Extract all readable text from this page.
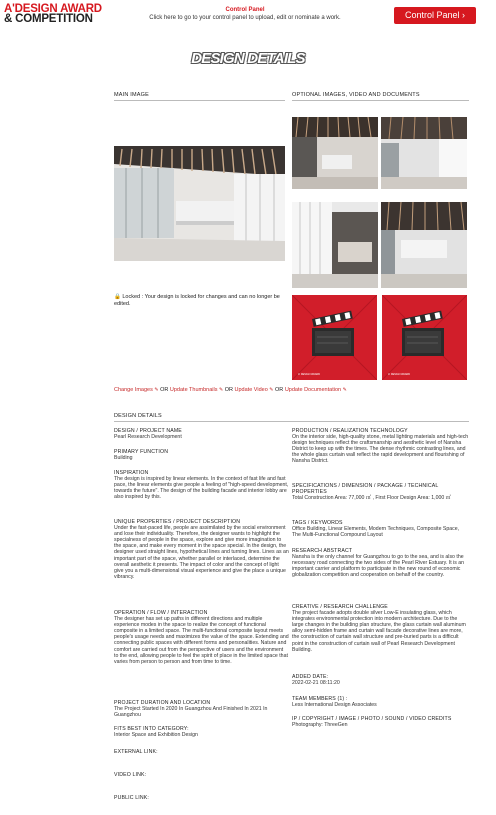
A'DESIGN AWARD
& COMPETITION
Control Panel
Click here to go to your control panel to upload, edit or nominate a work.	Control Panel ›
DESIGN DETAILS
MAIN IMAGE	OPTIONAL IMAGES, VIDEO AND DOCUMENTS
🔒 Locked : Your design is locked for changes and can no longer be edited.
A' DESIGN AWARD	A' DESIGN AWARD
Change Images ✎ OR Update Thumbnails ✎ OR Update Video ✎ OR Update Documentation ✎
DESIGN DETAILS
DESIGN / PROJECT NAME
Pearl Research Development
PRIMARY FUNCTION
Building
INSPIRATION
The design is inspired by linear elements. In the context of fast life and fast pace, the linear elements give people a feeling of "high-speed development, towards the future". The design of the building facade and interior lobby are also inspired by this.
UNIQUE PROPERTIES / PROJECT DESCRIPTION
Under the fast-paced life, people are assimilated by the social environment and lose their individuality. Therefore, the designer wants to highlight the specialness of people in the space, explore and give more imagination to the space, and make every moment in the space special. In the design, the designer used straight lines, hypothetical lines and turning lines. Lines as an important part of the space, whether parallel or interlaced, determine the overall aesthetic it presents. The impact of color and the concept of light give you a multi-dimensional visual experience and give the place a unique vibrancy.
OPERATION / FLOW / INTERACTION
The designer has set up paths in different directions and multiple experience modes in the space to realize the concept of functional composite in a limited space. The multi-functional composite layout meets people's usage needs and maximizes the value of the space. Extending and connecting public spaces with different forms and personalities. Nature and comfort are carried out from the perspective of users and the environment to the end, allowing people to feel the spirit of place in the limited space that varies from person to person and from time to time.
PROJECT DURATION AND LOCATION
The Project Started In 2020 In Guangzhou And Finished In 2021 In Guangzhou
FITS BEST INTO CATEGORY:
Interior Space and Exhibition Design
EXTERNAL LINK:
VIDEO LINK:
PUBLIC LINK:
PRODUCTION / REALIZATION TECHNOLOGY
On the interior side, high-quality stone, metal lighting materials and high-tech design techniques reflect the craftsmanship and aesthetic level of Nansha District to keep up with the times. The dense rhythmic contrasting lines, and the whole glass curtain wall reflect the rapid development and flourishing of Nansha District.
SPECIFICATIONS / DIMENSION / PACKAGE / TECHNICAL PROPERTIES
Total Construction Area: 77,000 ㎡ , First Floor Design Area: 1,000 ㎡
TAGS / KEYWORDS
Office Building, Linear Elements, Modern Techniques, Composite Space, The Multi-Functional Compound Layout
RESEARCH ABSTRACT
Nansha is the only channel for Guangzhou to go to the sea, and is also the necessary road connecting the two sides of the Pearl River Estuary. It is an important carrier and platform to participate in the new round of economic globalization competition and cooperation on behalf of the country.
CREATIVE / RESEARCH CHALLENGE
The project facade adopts double silver Low-E insulating glass, which integrates environmental protection into modern architecture. Due to the large changes in the building plan structure, the glass curtain wall aluminum alloy semi-hidden frame and curtain wall facade decorative lines are more, the construction of curtain wall structure and pre-buried parts is a difficult point in the construction of curtain wall of Pearl Research Development Building.
ADDED DATE:
2022-02-21 08:11:20
TEAM MEMBERS (1) :
Less International Design Associates
IP / COPYRIGHT / IMAGE / PHOTO / SOUND / VIDEO CREDITS
Photography: ThreeGen
